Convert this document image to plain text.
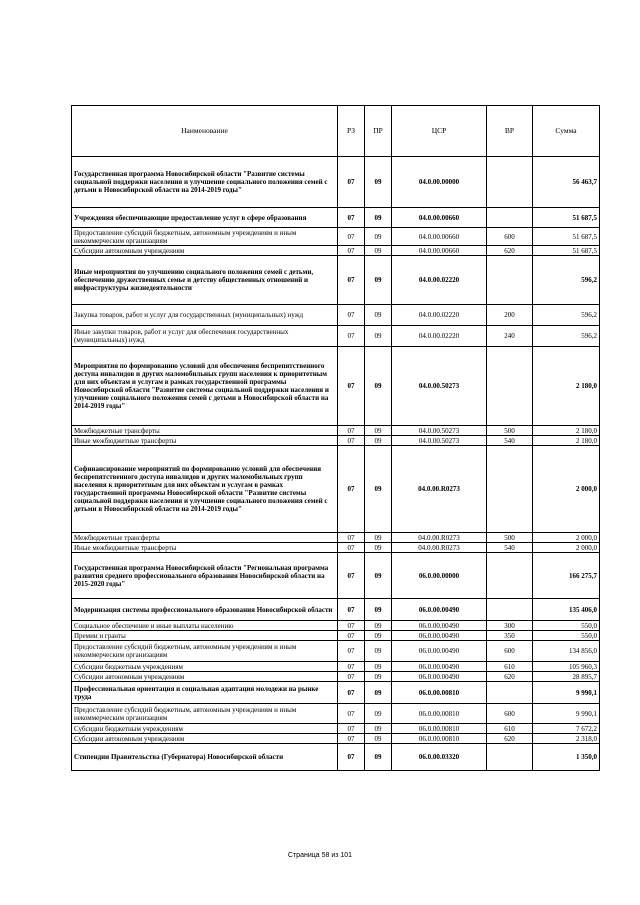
Наименование	РЗ	ПР	ЦСР	ВР	Сумма
Государственная программа Новосибирской области "Развитие системы социальной поддержки населения и улучшение социального положения семей с детьми в Новосибирской области на 2014-2019 годы"	07	09	04.0.00.00000		56 463,7
Учреждения обеспечивающие предоставление услуг в сфере образования	07	09	04.0.00.00660		51 687,5
Предоставление субсидий бюджетным, автономным учреждениям и иным некоммерческим организациям	07	09	04.0.00.00660	600	51 687,5
Субсидии автономным учреждениям	07	09	04.0.00.00660	620	51 687,5
Иные мероприятия по улучшению социального положения семей с детьми, обеспечению дружественных семье и детству общественных отношений и инфраструктуры жизнедеятельности	07	09	04.0.00.02220		596,2
Закупка товаров, работ и услуг для государственных (муниципальных) нужд	07	09	04.0.00.02220	200	596,2
Иные закупки товаров, работ и услуг для обеспечения государственных (муниципальных) нужд	07	09	04.0.00.02220	240	596,2
Мероприятия по формированию условий для обеспечения беспрепятственного доступа инвалидов и других маломобильных групп населения к приоритетным для них объектам и услугам в рамках государственной программы Новосибирской области "Развитие системы социальной поддержки населения и улучшение социального положения семей с детьми в Новосибирской области на 2014-2019 годы"	07	09	04.0.00.50273		2 180,0
Межбюджетные трансферты	07	09	04.0.00.50273	500	2 180,0
Иные межбюджетные трансферты	07	09	04.0.00.50273	540	2 180,0
Софинансирование мероприятий по формированию условий для обеспечения беспрепятственного доступа инвалидов и других маломобильных групп населения к приоритетным для них объектам и услугам в рамках государственной программы Новосибирской области "Развитие системы социальной поддержки населения и улучшение социального положения семей с детьми в Новосибирской области на 2014-2019 годы"	07	09	04.0.00.R0273		2 000,0
Межбюджетные трансферты	07	09	04.0.00.R0273	500	2 000,0
Иные межбюджетные трансферты	07	09	04.0.00.R0273	540	2 000,0
Государственная программа Новосибирской области "Региональная программа развития среднего профессионального образования Новосибирской области на 2015-2020 годы"	07	09	06.0.00.00000		166 275,7
Модернизация системы профессионального образования Новосибирской области	07	09	06.0.00.00490		135 406,0
Социальное обеспечение и иные выплаты населению	07	09	06.0.00.00490	300	550,0
Премии и гранты	07	09	06.0.00.00490	350	550,0
Предоставление субсидий бюджетным, автономным учреждениям и иным некоммерческим организациям	07	09	06.0.00.00490	600	134 856,0
Субсидии бюджетным учреждениям	07	09	06.0.00.00490	610	105 960,3
Субсидии автономным учреждениям	07	09	06.0.00.00490	620	28 895,7
Профессиональная ориентация и социальная адаптация молодежи на рынке труда	07	09	06.0.00.00810		9 990,1
Предоставление субсидий бюджетным, автономным учреждениям и иным некоммерческим организациям	07	09	06.0.00.00810	600	9 990,1
Субсидии бюджетным учреждениям	07	09	06.0.00.00810	610	7 672,2
Субсидии автономным учреждениям	07	09	06.0.00.00810	620	2 318,0
Стипендии Правительства (Губернатора) Новосибирской области	07	09	06.0.00.03320		1 350,0
Страница 58 из 101
